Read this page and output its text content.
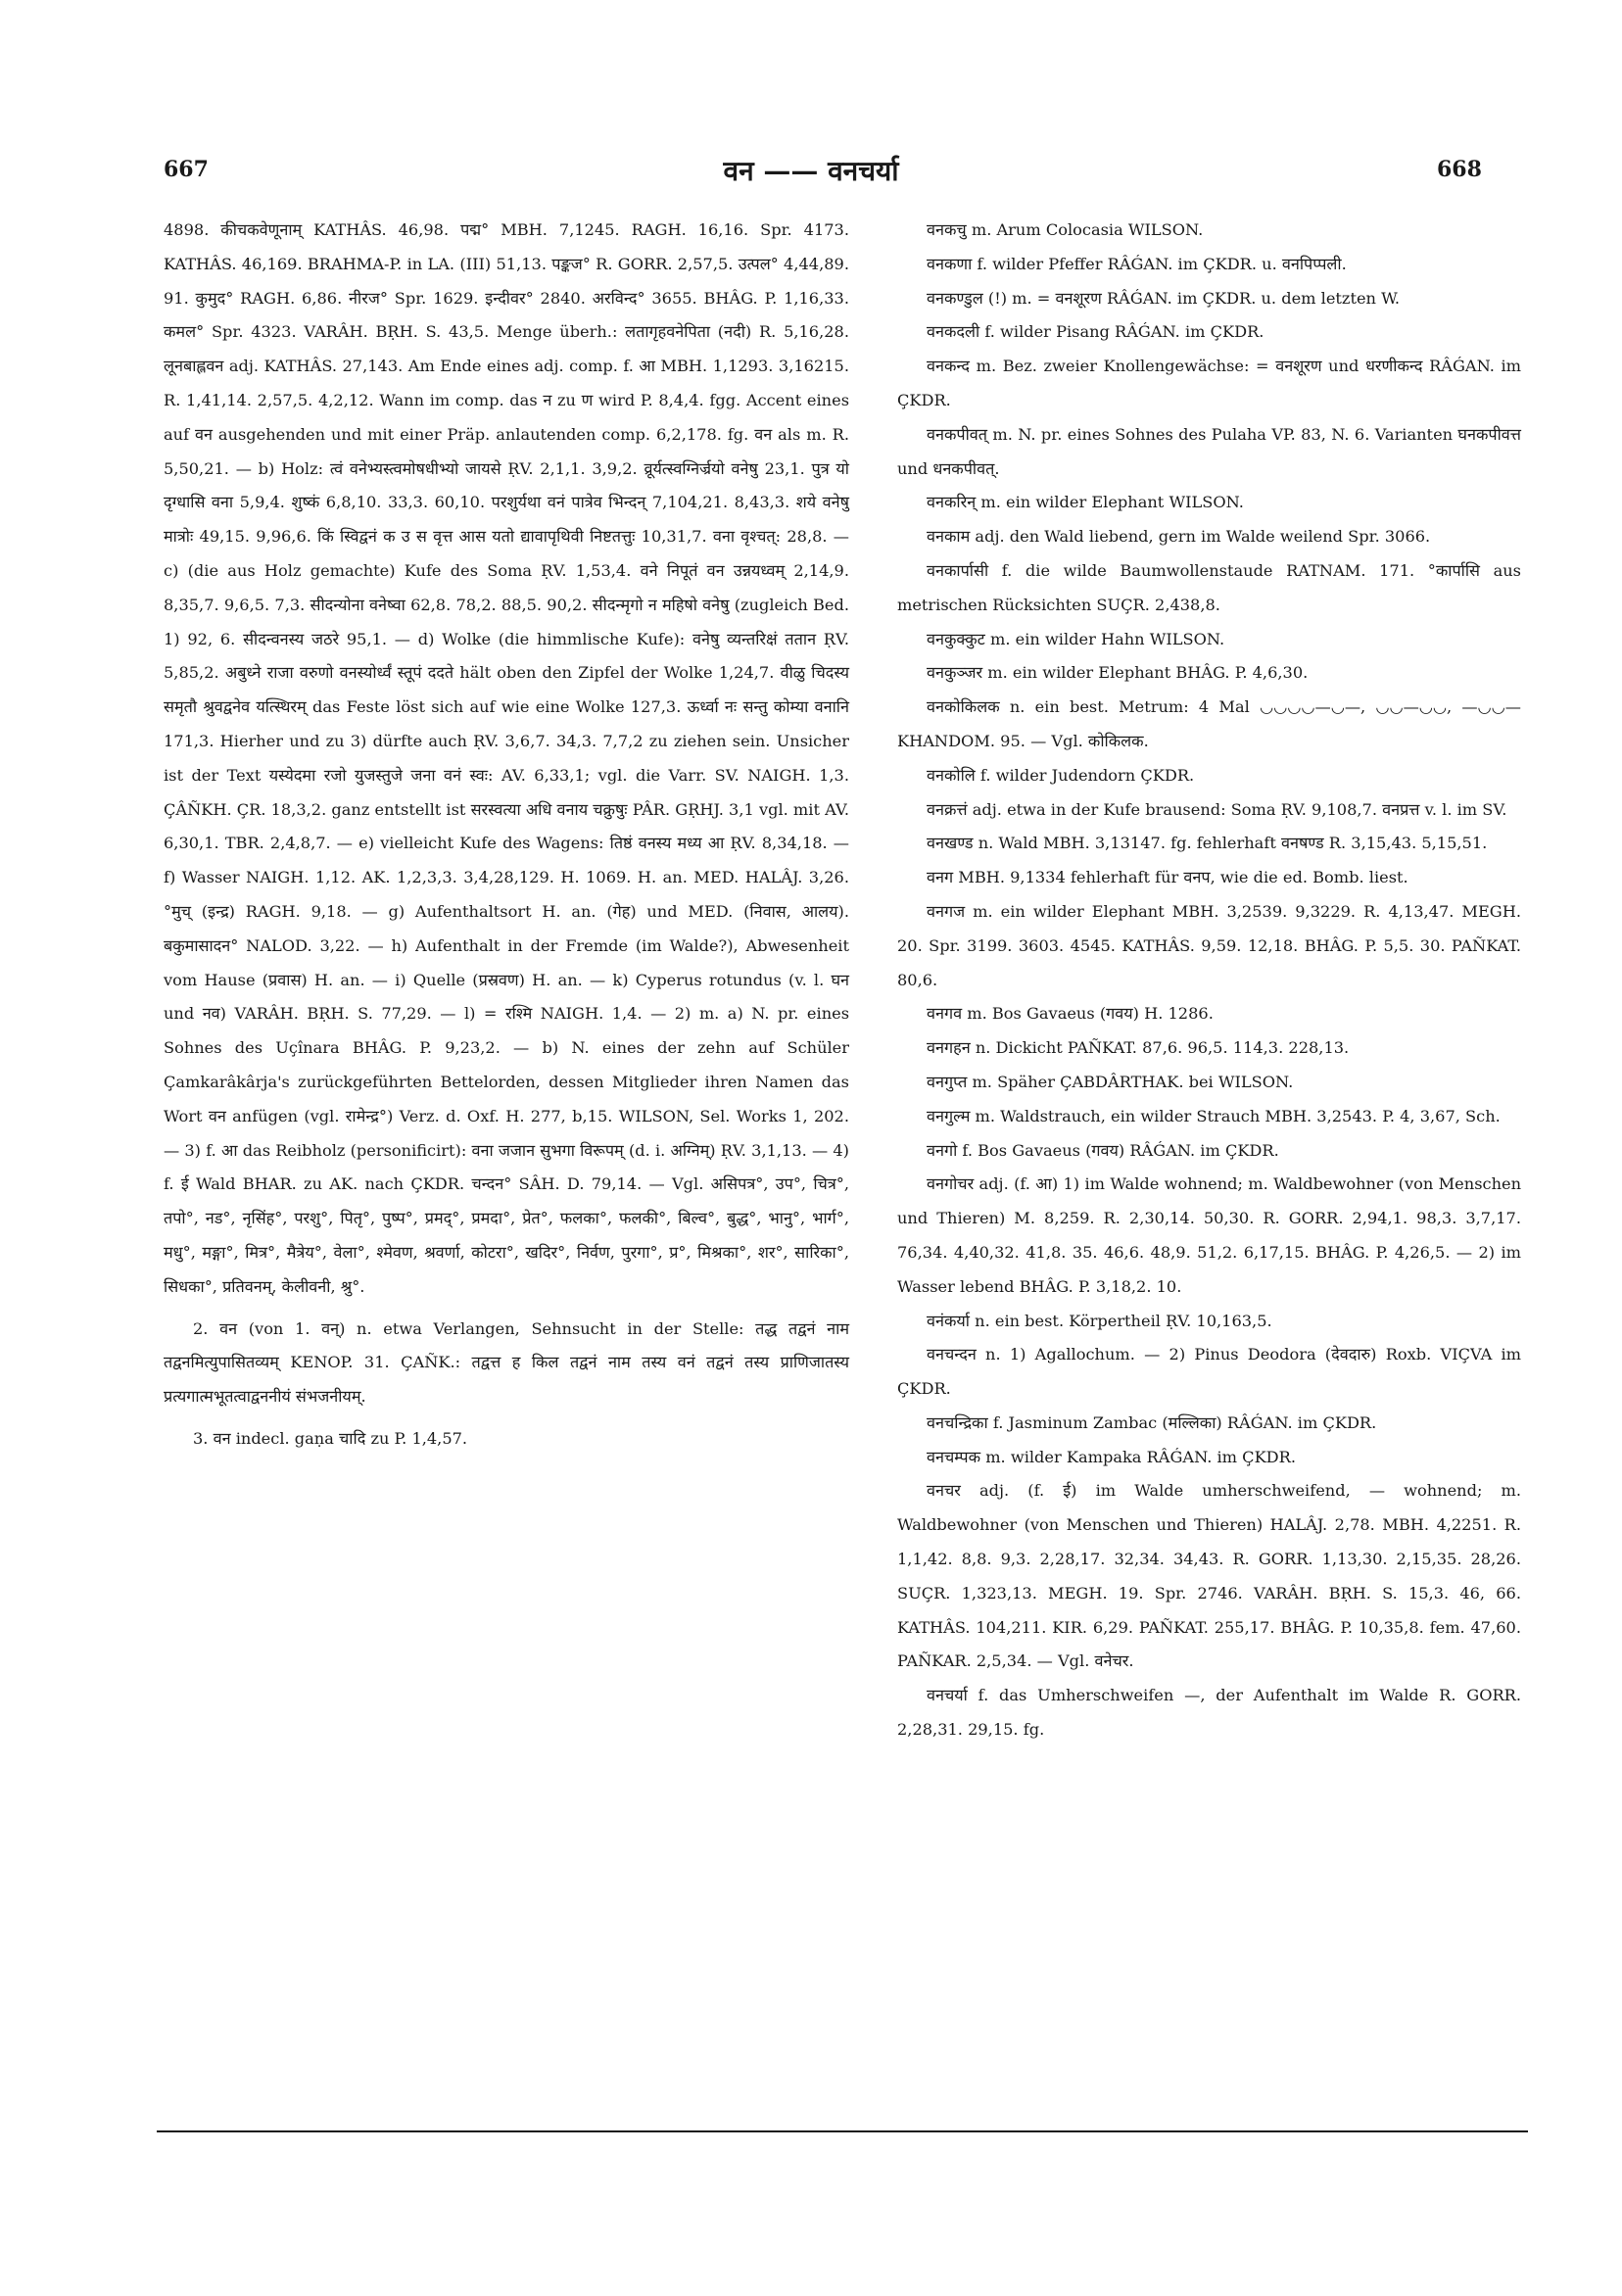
667	वन —— वनचर्या	668

4898. कीचकवेणूनाम् KATHÂS. 46,98. पद्म° MBH. 7,1245. RAGH. 16,16. Spr. 4173. KATHÂS. 46,169. BRAHMA-P. in LA. (III) 51,13. पङ्कज° R. GORR. 2,57,5. उत्पल° 4,44,89. 91. कुमुद° RAGH. 6,86. नीरज° Spr. 1629. इन्दीवर° 2840. अरविन्द° 3655. BHÂG. P. 1,16,33. कमल° Spr. 4323. VARÂH. BṚH. S. 43,5. Menge überh.: लतागृहवनेपिता (नदी) R. 5,16,28. लूनबाह्लवन adj. KATHÂS. 27,143. Am Ende eines adj. comp. f. आ MBH. 1,1293. 3,16215. R. 1,41,14. 2,57,5. 4,2,12. Wann im comp. das न zu ण wird P. 8,4,4. fgg. Accent eines auf वन ausgehenden und mit einer Präp. anlautenden comp. 6,2,178. fg. वन als m. R. 5,50,21. — b) Holz: त्वं वनेभ्यस्त्वमोषधीभ्यो जायसे ṚV. 2,1,1. 3,9,2. व्रूर्यत्स्वग्निर्ज्रयो वनेषु 23,1. पुत्र यो दृग्धासि वना 5,9,4. शुष्कं 6,8,10. 33,3. 60,10. परशुर्यथा वनं पात्रेव भिन्दन् 7,104,21. 8,43,3. शये वनेषु मात्रोः 49,15. 9,96,6. किं स्विद्वनं क उ स वृत्त आस यतो द्यावापृथिवी निष्टतत्तुः 10,31,7. वना वृश्चत्: 28,8. — c) (die aus Holz gemachte) Kufe des Soma ṚV. 1,53,4. वने निपूतं वन उन्नयध्वम् 2,14,9. 8,35,7. 9,6,5. 7,3. सीदन्योना वनेष्वा 62,8. 78,2. 88,5. 90,2. सीदन्मृगो न महिषो वनेषु (zugleich Bed. 1) 92, 6. सीदन्वनस्य जठरे 95,1. — d) Wolke (die himmlische Kufe): वनेषु व्यन्तरिक्षं ततान ṚV. 5,85,2. अबुध्ने राजा वरुणो वनस्योर्ध्वं स्तूपं ददते hält oben den Zipfel der Wolke 1,24,7. वीळु चिदस्य समृतौ श्रुवद्वनेव यत्स्थिरम् das Feste löst sich auf wie eine Wolke 127,3. ऊर्ध्वा नः सन्तु कोम्या वनानि 171,3. Hierher und zu 3) dürfte auch ṚV. 3,6,7. 34,3. 7,7,2 zu ziehen sein. Unsicher ist der Text यस्येदमा रजो युजस्तुजे जना वनं स्वः: AV. 6,33,1; vgl. die Varr. SV. NAIGH. 1,3. ÇÂÑKH. ÇR. 18,3,2. ganz entstellt ist सरस्वत्या अधि वनाय चक्रुषुः PÂR. GṚHJ. 3,1 vgl. mit AV. 6,30,1. TBR. 2,4,8,7. — e) vielleicht Kufe des Wagens: तिष्ठं वनस्य मध्य आ ṚV. 8,34,18. — f) Wasser NAIGH. 1,12. AK. 1,2,3,3. 3,4,28,129. H. 1069. H. an. MED. HALÂJ. 3,26. °मुच् (इन्द्र) RAGH. 9,18. — g) Aufenthaltsort H. an. (गेह) und MED. (निवास, आलय). बकुमासादन° NALOD. 3,22. — h) Aufenthalt in der Fremde (im Walde?), Abwesenheit vom Hause (प्रवास) H. an. — i) Quelle (प्रस्रवण) H. an. — k) Cyperus rotundus (v. l. घन und नव) VARÂH. BṚH. S. 77,29. — l) = रश्मि NAIGH. 1,4. — 2) m. a) N. pr. eines Sohnes des Uçînara BHÂG. P. 9,23,2. — b) N. eines der zehn auf Schüler Çamkarâkârja's zurückgeführten Bettelorden, dessen Mitglieder ihren Namen das Wort वन anfügen (vgl. रामेन्द्र°) Verz. d. Oxf. H. 277, b,15. WILSON, Sel. Works 1, 202. — 3) f. आ das Reibholz (personificirt): वना जजान सुभगा विरूपम् (d. i. अग्निम्) ṚV. 3,1,13. — 4) f. ई Wald BHAR. zu AK. nach ÇKDR. चन्दन° SÂH. D. 79,14. — Vgl. असिपत्र°, उप°, चित्र°, तपो°, नड°, नृसिंह°, परशु°, पितृ°, पुष्प°, प्रमद्°, प्रमदा°, प्रेत°, फलका°, फलकी°, बिल्व°, बुद्ध°, भानु°, भार्ग°, मधु°, मङ्गा°, मित्र°, मैत्रेय°, वेला°, श्मेवण, श्रवर्णा, कोटरा°, खदिर°, निर्वण, पुरगा°, प्र°, मिश्रका°, शर°, सारिका°, सिधका°, प्रतिवनम्, केलीवनी, श्रु°.

2. वन (von 1. वन्) n. etwa Verlangen, Sehnsucht in der Stelle: तद्ध तद्वनं नाम तद्वनमित्युपासितव्यम् KENOP. 31. ÇAÑK.: तद्वत्त ह किल तद्वनं नाम तस्य वनं तद्वनं तस्य प्राणिजातस्य प्रत्यगात्मभूतत्वाद्वननीयं संभजनीयम्.

3. वन indecl. gaṇa चादि zu P. 1,4,57.

वनकचु m. Arum Colocasia WILSON.

वनकणा f. wilder Pfeffer RÂǴAN. im ÇKDR. u. वनपिप्पली.

वनकण्डुल (!) m. = वनशूरण RÂǴAN. im ÇKDR. u. dem letzten W.

वनकदली f. wilder Pisang RÂǴAN. im ÇKDR.

वनकन्द m. Bez. zweier Knollengewächse: = वनशूरण und धरणीकन्द RÂǴAN. im ÇKDR.

वनकपीवत् m. N. pr. eines Sohnes des Pulaha VP. 83, N. 6. Varianten घनकपीवत्त und धनकपीवत्.

वनकरिन् m. ein wilder Elephant WILSON.

वनकाम adj. den Wald liebend, gern im Walde weilend Spr. 3066.

वनकार्पासी f. die wilde Baumwollenstaude RATNAM. 171. °कार्पासि aus metrischen Rücksichten SUÇR. 2,438,8.

वनकुक्कुट m. ein wilder Hahn WILSON.

वनकुञ्जर m. ein wilder Elephant BHÂG. P. 4,6,30.

वनकोकिलक n. ein best. Metrum: 4 Mal ◡◡◡◡—◡—, ◡◡—◡◡, —◡◡— KHANDOM. 95. — Vgl. कोकिलक.

वनकोलि f. wilder Judendorn ÇKDR.

वनक्रत्तं adj. etwa in der Kufe brausend: Soma ṚV. 9,108,7. वनप्रत्त v. l. im SV.

वनखण्ड n. Wald MBH. 3,13147. fg. fehlerhaft वनषण्ड R. 3,15,43. 5,15,51.

वनग MBH. 9,1334 fehlerhaft für वनप, wie die ed. Bomb. liest.

वनगज m. ein wilder Elephant MBH. 3,2539. 9,3229. R. 4,13,47. MEGH. 20. Spr. 3199. 3603. 4545. KATHÂS. 9,59. 12,18. BHÂG. P. 5,5. 30. PAÑKAT. 80,6.

वनगव m. Bos Gavaeus (गवय) H. 1286.

वनगहन n. Dickicht PAÑKAT. 87,6. 96,5. 114,3. 228,13.

वनगुप्त m. Späher ÇABDÂRTHAK. bei WILSON.

वनगुल्म m. Waldstrauch, ein wilder Strauch MBH. 3,2543. P. 4, 3,67, Sch.

वनगो f. Bos Gavaeus (गवय) RÂǴAN. im ÇKDR.

वनगोचर adj. (f. आ) 1) im Walde wohnend; m. Waldbewohner (von Menschen und Thieren) M. 8,259. R. 2,30,14. 50,30. R. GORR. 2,94,1. 98,3. 3,7,17. 76,34. 4,40,32. 41,8. 35. 46,6. 48,9. 51,2. 6,17,15. BHÂG. P. 4,26,5. — 2) im Wasser lebend BHÂG. P. 3,18,2. 10.

वनंकर्या n. ein best. Körpertheil ṚV. 10,163,5.

वनचन्दन n. 1) Agallochum. — 2) Pinus Deodora (देवदारु) Roxb. VIÇVA im ÇKDR.

वनचन्द्रिका f. Jasminum Zambac (मल्लिका) RÂǴAN. im ÇKDR.

वनचम्पक m. wilder Kampaka RÂǴAN. im ÇKDR.

वनचर adj. (f. ई) im Walde umherschweifend, — wohnend; m. Waldbewohner (von Menschen und Thieren) HALÂJ. 2,78. MBH. 4,2251. R. 1,1,42. 8,8. 9,3. 2,28,17. 32,34. 34,43. R. GORR. 1,13,30. 2,15,35. 28,26. SUÇR. 1,323,13. MEGH. 19. Spr. 2746. VARÂH. BṚH. S. 15,3. 46, 66. KATHÂS. 104,211. KIR. 6,29. PAÑKAT. 255,17. BHÂG. P. 10,35,8. fem. 47,60. PAÑKAR. 2,5,34. — Vgl. वनेचर.

वनचर्या f. das Umherschweifen —, der Aufenthalt im Walde R. GORR. 2,28,31. 29,15. fg.
